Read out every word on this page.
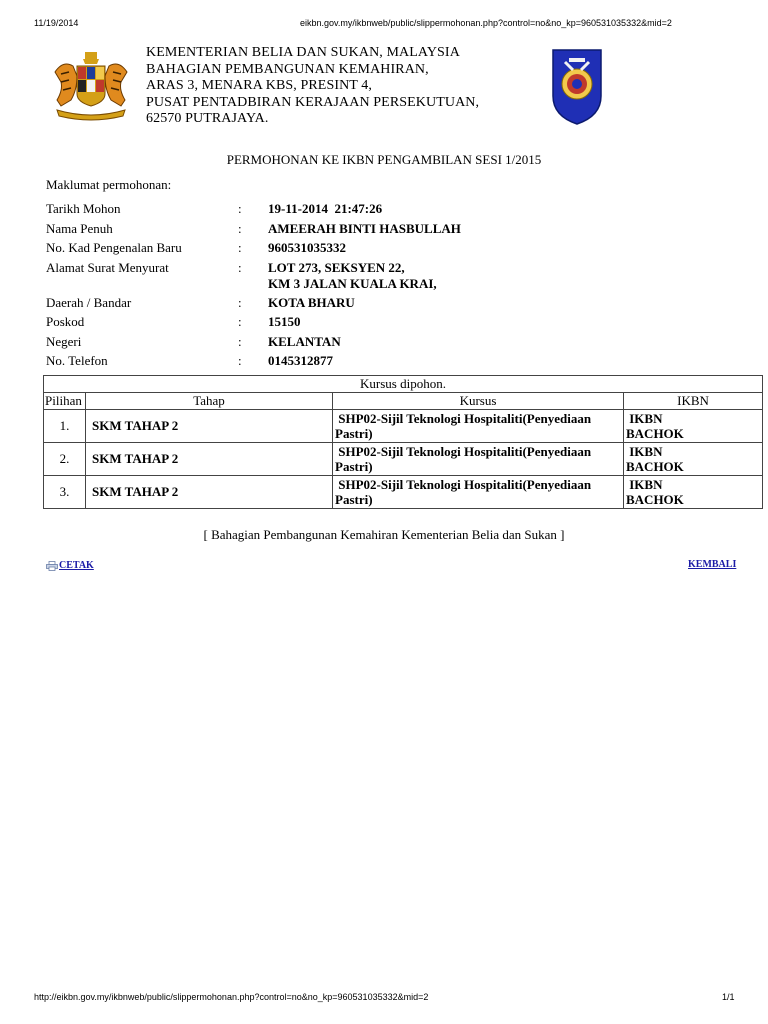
11/19/2014	eikbn.gov.my/ikbnweb/public/slippermohonan.php?control=no&no_kp=960531035332&mid=2
KEMENTERIAN BELIA DAN SUKAN, MALAYSIA
BAHAGIAN PEMBANGUNAN KEMAHIRAN,
ARAS 3, MENARA KBS, PRESINT 4,
PUSAT PENTADBIRAN KERAJAAN PERSEKUTUAN,
62570 PUTRAJAYA.
PERMOHONAN KE IKBN PENGAMBILAN SESI 1/2015
Maklumat permohonan:
Tarikh Mohon	: 19-11-2014  21:47:26
Nama Penuh	: AMEERAH BINTI HASBULLAH
No. Kad Pengenalan Baru	: 960531035332
Alamat Surat Menyurat	: LOT 273, SEKSYEN 22,
KM 3 JALAN KUALA KRAI,
Daerah / Bandar	: KOTA BHARU
Poskod	: 15150
Negeri	: KELANTAN
No. Telefon	: 0145312877
Kursus dipohon.			
Pilihan	Tahap	Kursus	IKBN
1.	SKM TAHAP 2	SHP02-Sijil Teknologi Hospitaliti(Penyediaan
Pastri)	IKBN
BACHOK
2.	SKM TAHAP 2	SHP02-Sijil Teknologi Hospitaliti(Penyediaan
Pastri)	IKBN
BACHOK
3.	SKM TAHAP 2	SHP02-Sijil Teknologi Hospitaliti(Penyediaan
Pastri)	IKBN
BACHOK
[ Bahagian Pembangunan Kemahiran Kementerian Belia dan Sukan ]
CETAK	KEMBALI
http://eikbn.gov.my/ikbnweb/public/slippermohonan.php?control=no&no_kp=960531035332&mid=2	1/1
